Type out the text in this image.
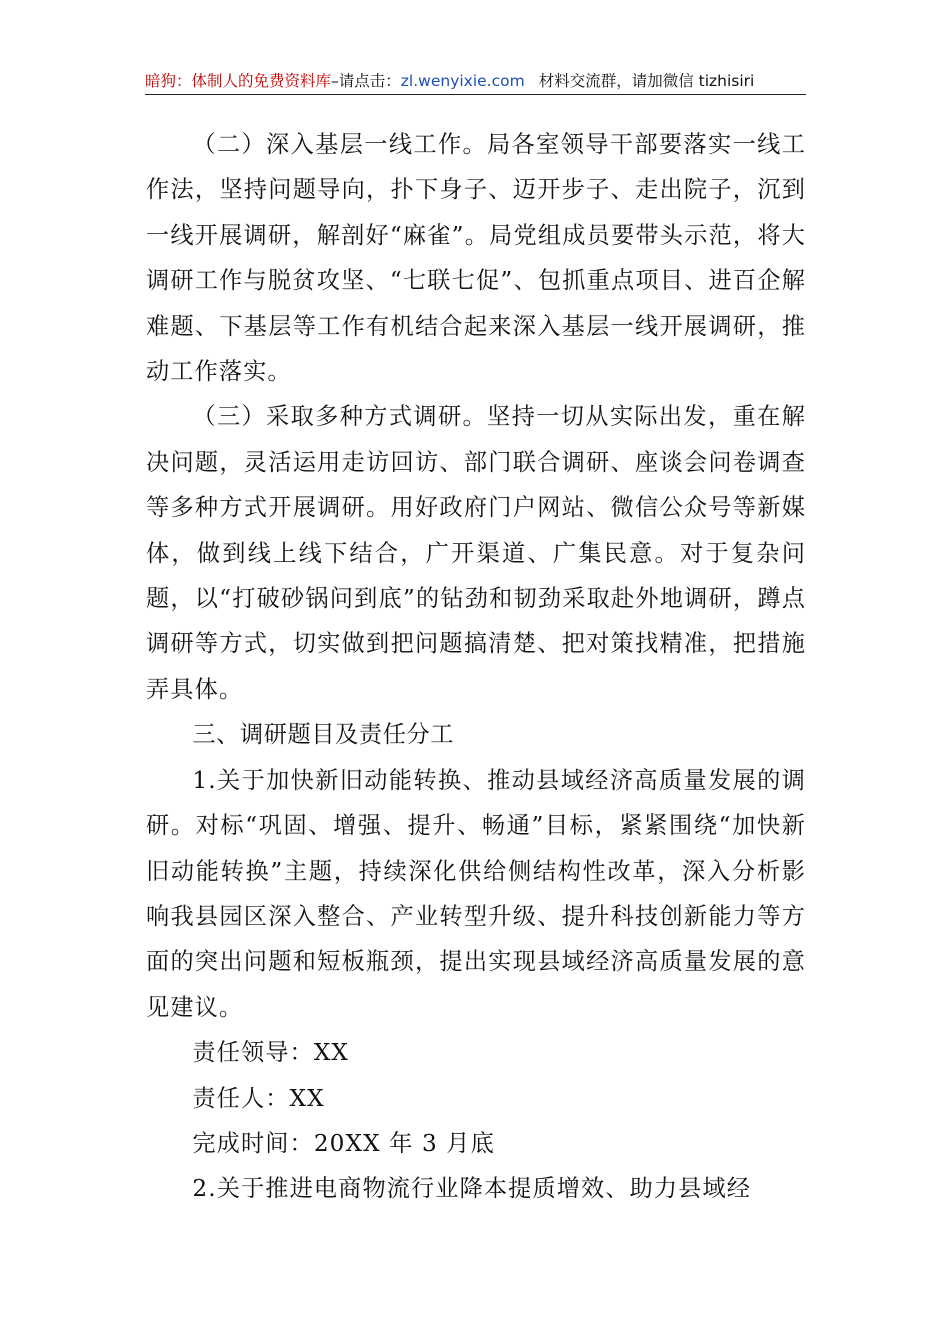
暗狗：体制人的免费资料库–请点击：zl.wenyixie.com 材料交流群，请加微信 tizhisiri

（二）深入基层一线工作。局各室领导干部要落实一线工作法，坚持问题导向，扑下身子、迈开步子、走出院子，沉到一线开展调研，解剖好“麻雀”。局党组成员要带头示范，将大调研工作与脱贫攻坚、“七联七促”、包抓重点项目、进百企解难题、下基层等工作有机结合起来深入基层一线开展调研，推动工作落实。

（三）采取多种方式调研。坚持一切从实际出发，重在解决问题，灵活运用走访回访、部门联合调研、座谈会问卷调查等多种方式开展调研。用好政府门户网站、微信公众号等新媒体，做到线上线下结合，广开渠道、广集民意。对于复杂问题，以“打破砂锅问到底”的钻劲和韧劲采取赴外地调研，蹲点调研等方式，切实做到把问题搞清楚、把对策找精准，把措施弄具体。

三、调研题目及责任分工

1.关于加快新旧动能转换、推动县域经济高质量发展的调研。对标“巩固、增强、提升、畅通”目标，紧紧围绕“加快新旧动能转换”主题，持续深化供给侧结构性改革，深入分析影响我县园区深入整合、产业转型升级、提升科技创新能力等方面的突出问题和短板瓶颈，提出实现县域经济高质量发展的意见建议。

责任领导：XX

责任人：XX

完成时间：20XX 年 3 月底

2.关于推进电商物流行业降本提质增效、助力县域经
